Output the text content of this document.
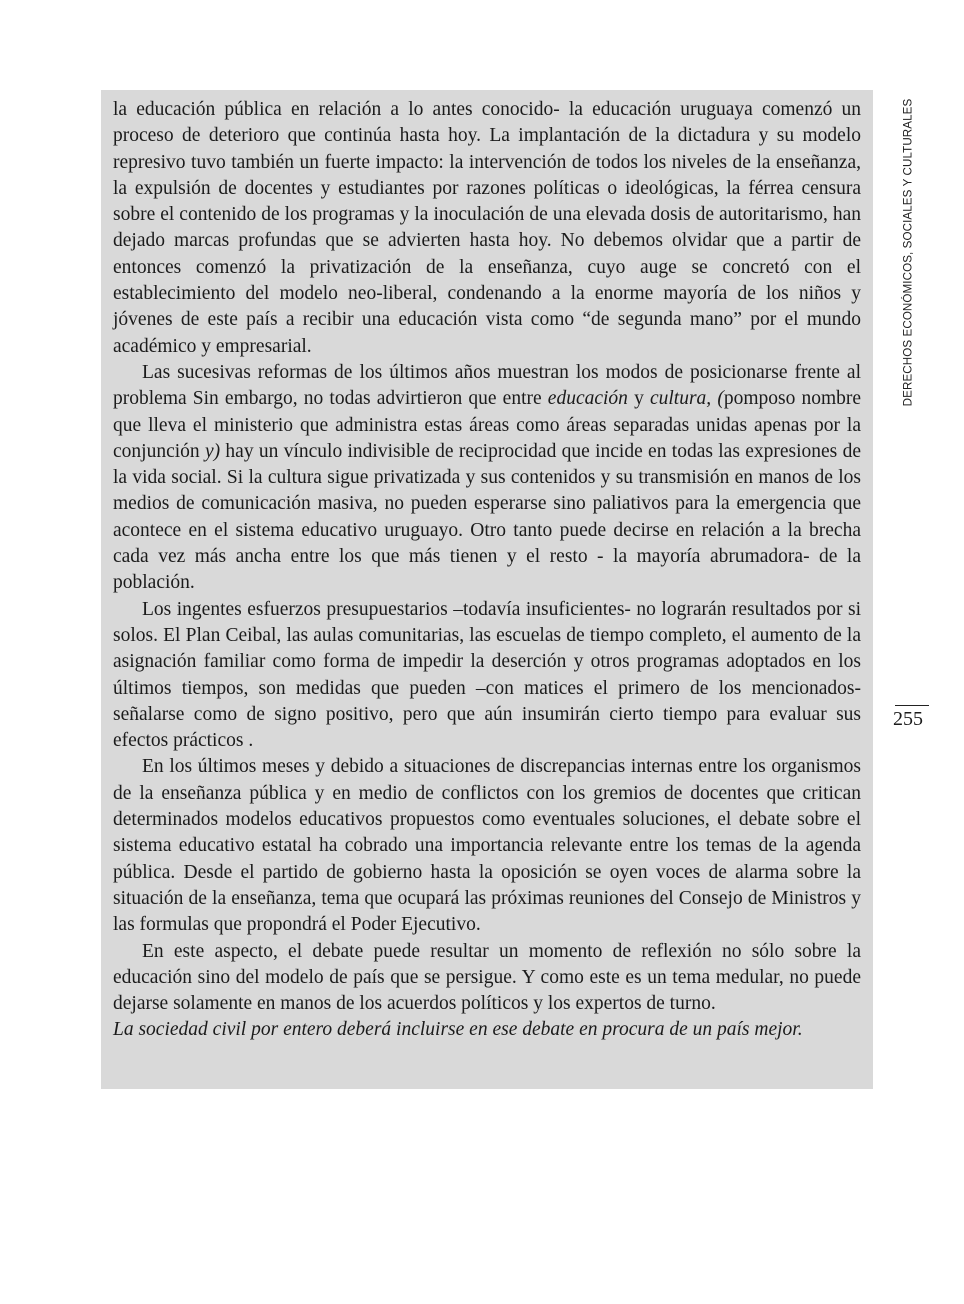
la educación pública en relación a lo antes conocido- la educación uruguaya comenzó un proceso de deterioro que continúa hasta hoy. La implantación de la dictadura y su modelo represivo tuvo también un fuerte impacto: la intervención de todos los niveles de la enseñanza, la expulsión de docentes y estudiantes por razones políticas o ideológicas, la férrea censura sobre el contenido de los programas y la inoculación de una elevada dosis de autoritarismo, han dejado marcas profundas que se advierten hasta hoy. No debemos olvidar que a partir de entonces comenzó la privatización de la enseñanza, cuyo auge se concretó con el establecimiento del modelo neo-liberal, condenando a la enorme mayoría de los niños y jóvenes de este país a recibir una educación vista como “de segunda mano” por el mundo académico y empresarial.

Las sucesivas reformas de los últimos años muestran los modos de posicionarse frente al problema Sin embargo, no todas advirtieron que entre educación y cultura, (pomposo nombre que lleva el ministerio que administra estas áreas como áreas separadas unidas apenas por la conjunción y) hay un vínculo indivisible de reciprocidad que incide en todas las expresiones de la vida social. Si la cultura sigue privatizada y sus contenidos y su transmisión en manos de los medios de comunicación masiva, no pueden esperarse sino paliativos para la emergencia que acontece en el sistema educativo uruguayo. Otro tanto puede decirse en relación a la brecha cada vez más ancha entre los que más tienen y el resto - la mayoría abrumadora- de la población.

Los ingentes esfuerzos presupuestarios –todavía insuficientes- no lograrán resultados por si solos. El Plan Ceibal, las aulas comunitarias, las escuelas de tiempo completo, el aumento de la asignación familiar como forma de impedir la deserción y otros programas adoptados en los últimos tiempos, son medidas que pueden –con matices el primero de los mencionados- señalarse como de signo positivo, pero que aún insumirán cierto tiempo para evaluar sus efectos prácticos .

En los últimos meses y debido a situaciones de discrepancias internas entre los organismos de la enseñanza pública y en medio de conflictos con los gremios de docentes que critican determinados modelos educativos propuestos como eventuales soluciones, el debate sobre el sistema educativo estatal ha cobrado una importancia relevante entre los temas de la agenda pública. Desde el partido de gobierno hasta la oposición se oyen voces de alarma sobre la situación de la enseñanza, tema que ocupará las próximas reuniones del Consejo de Ministros y las formulas que propondrá el Poder Ejecutivo.

En este aspecto, el debate puede resultar un momento de reflexión no sólo sobre la educación sino del modelo de país que se persigue. Y como este es un tema medular, no puede dejarse solamente en manos de los acuerdos políticos y los expertos de turno.

La sociedad civil por entero deberá incluirse en ese debate en procura de un país mejor.

DERECHOS ECONÓMICOS, SOCIALES Y CULTURALES
255
